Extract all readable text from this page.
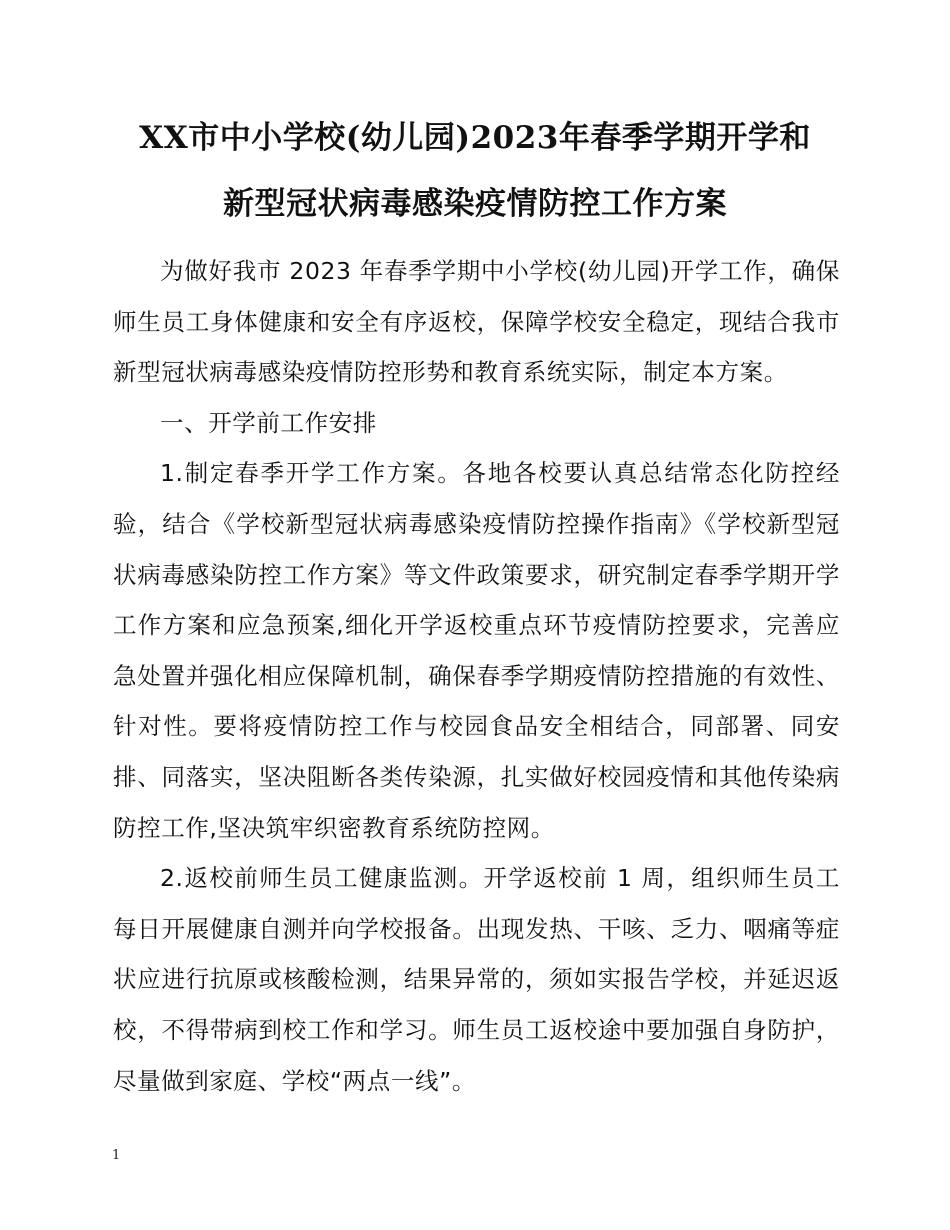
XX市中小学校(幼儿园)2023年春季学期开学和
新型冠状病毒感染疫情防控工作方案

为做好我市 2023 年春季学期中小学校(幼儿园)开学工作，确保师生员工身体健康和安全有序返校，保障学校安全稳定，现结合我市新型冠状病毒感染疫情防控形势和教育系统实际，制定本方案。

一、开学前工作安排

1.制定春季开学工作方案。各地各校要认真总结常态化防控经验，结合《学校新型冠状病毒感染疫情防控操作指南》《学校新型冠状病毒感染防控工作方案》等文件政策要求，研究制定春季学期开学工作方案和应急预案,细化开学返校重点环节疫情防控要求，完善应急处置并强化相应保障机制，确保春季学期疫情防控措施的有效性、针对性。要将疫情防控工作与校园食品安全相结合，同部署、同安排、同落实，坚决阻断各类传染源，扎实做好校园疫情和其他传染病防控工作,坚决筑牢织密教育系统防控网。

2.返校前师生员工健康监测。开学返校前 1 周，组织师生员工每日开展健康自测并向学校报备。出现发热、干咳、乏力、咽痛等症状应进行抗原或核酸检测，结果异常的，须如实报告学校，并延迟返校，不得带病到校工作和学习。师生员工返校途中要加强自身防护，尽量做到家庭、学校“两点一线”。

1
